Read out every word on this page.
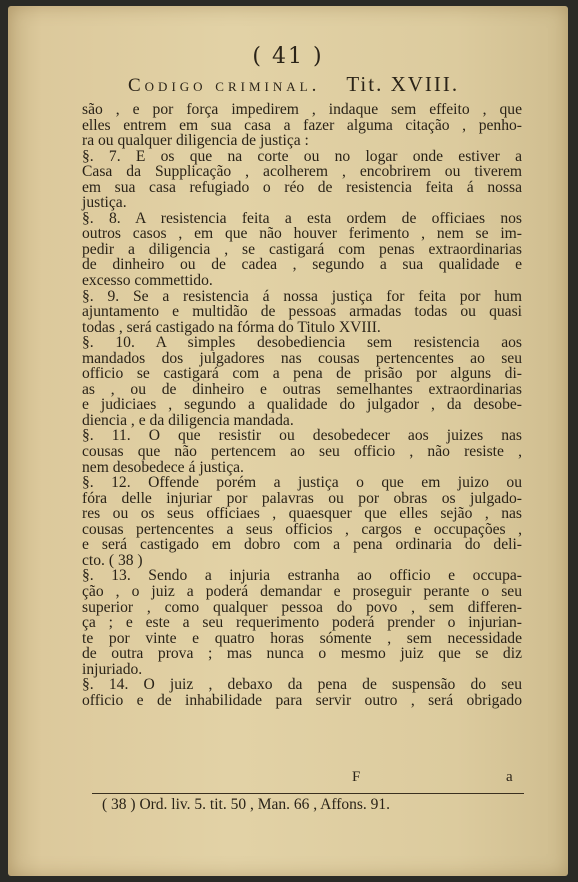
( 41 )
Codigo criminal. Tit. XVIII.
são , e por força impedirem , indaque sem effeito , que
elles entrem em sua casa a fazer alguma citação , penho-
ra ou qualquer diligencia de justiça :
§. 7. E os que na corte ou no logar onde estiver a
Casa da Supplicação , acolherem , encobrirem ou tiverem
em sua casa refugiado o réo de resistencia feita á nossa
justiça.
§. 8. A resistencia feita a esta ordem de officiaes nos
outros casos , em que não houver ferimento , nem se im-
pedir a diligencia , se castigará com penas extraordinarias
de dinheiro ou de cadea , segundo a sua qualidade e
excesso commettido.
§. 9. Se a resistencia á nossa justiça for feita por hum
ajuntamento e multidão de pessoas armadas todas ou quasi
todas , será castigado na fórma do Titulo XVIII.
§. 10. A simples desobediencia sem resistencia aos
mandados dos julgadores nas cousas pertencentes ao seu
officio se castigará com a pena de prisão por alguns di-
as , ou de dinheiro e outras semelhantes extraordinarias
e judiciaes , segundo a qualidade do julgador , da desobe-
diencia , e da diligencia mandada.
§. 11. O que resistir ou desobedecer aos juizes nas
cousas que não pertencem ao seu officio , não resiste ,
nem desobedece á justiça.
§. 12. Offende porém a justiça o que em juizo ou
fóra delle injuriar por palavras ou por obras os julgado-
res ou os seus officiaes , quaesquer que elles sejão , nas
cousas pertencentes a seus officios , cargos e occupações ,
e será castigado em dobro com a pena ordinaria do deli-
cto. ( 38 )
§. 13. Sendo a injuria estranha ao officio e occupa-
ção , o juiz a poderá demandar e proseguir perante o seu
superior , como qualquer pessoa do povo , sem differen-
ça ; e este a seu requerimento poderá prender o injurian-
te por vinte e quatro horas sómente , sem necessidade
de outra prova ; mas nunca o mesmo juiz que se diz
injuriado.
§. 14. O juiz , debaxo da pena de suspensão do seu
officio e de inhabilidade para servir outro , será obrigado
F	a
( 38 ) Ord. liv. 5. tit. 50 , Man. 66 , Affons. 91.
